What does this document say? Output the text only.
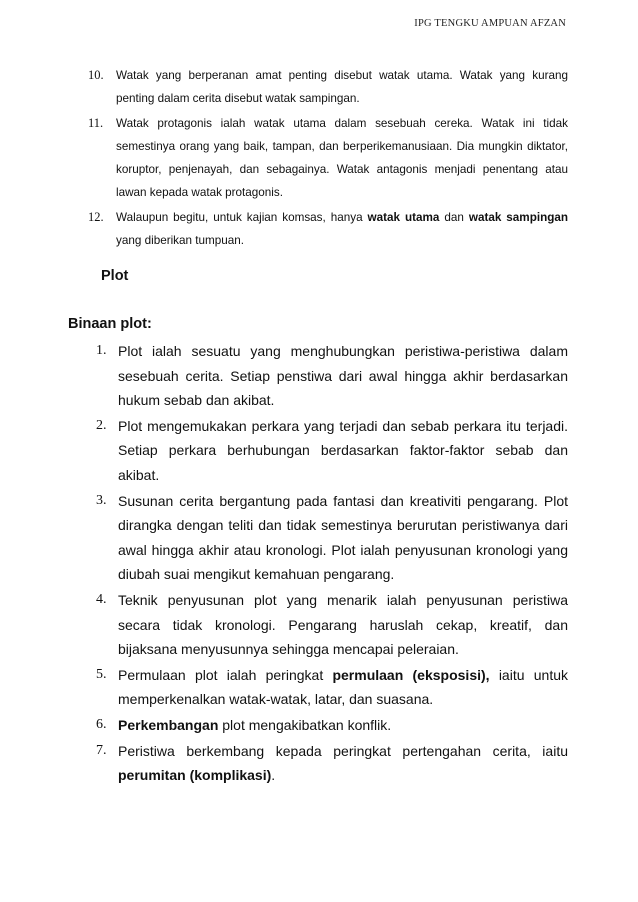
IPG TENGKU AMPUAN AFZAN
10. Watak yang berperanan amat penting disebut watak utama. Watak yang kurang penting dalam cerita disebut watak sampingan.
11. Watak protagonis ialah watak utama dalam sesebuah cereka. Watak ini tidak semestinya orang yang baik, tampan, dan berperikemanusiaan. Dia mungkin diktator, koruptor, penjenayah, dan sebagainya. Watak antagonis menjadi penentang atau lawan kepada watak protagonis.
12. Walaupun begitu, untuk kajian komsas, hanya watak utama dan watak sampingan yang diberikan tumpuan.
Plot
Binaan plot:
1. Plot ialah sesuatu yang menghubungkan peristiwa-peristiwa dalam sesebuah cerita. Setiap penstiwa dari awal hingga akhir berdasarkan hukum sebab dan akibat.
2. Plot mengemukakan perkara yang terjadi dan sebab perkara itu terjadi. Setiap perkara berhubungan berdasarkan faktor-faktor sebab dan akibat.
3. Susunan cerita bergantung pada fantasi dan kreativiti pengarang. Plot dirangka dengan teliti dan tidak semestinya berurutan peristiwanya dari awal hingga akhir atau kronologi. Plot ialah penyusunan kronologi yang diubah suai mengikut kemahuan pengarang.
4. Teknik penyusunan plot yang menarik ialah penyusunan peristiwa secara tidak kronologi. Pengarang haruslah cekap, kreatif, dan bijaksana menyusunnya sehingga mencapai peleraian.
5. Permulaan plot ialah peringkat permulaan (eksposisi), iaitu untuk memperkenalkan watak-watak, latar, dan suasana.
6. Perkembangan plot mengakibatkan konflik.
7. Peristiwa berkembang kepada peringkat pertengahan cerita, iaitu perumitan (komplikasi).
